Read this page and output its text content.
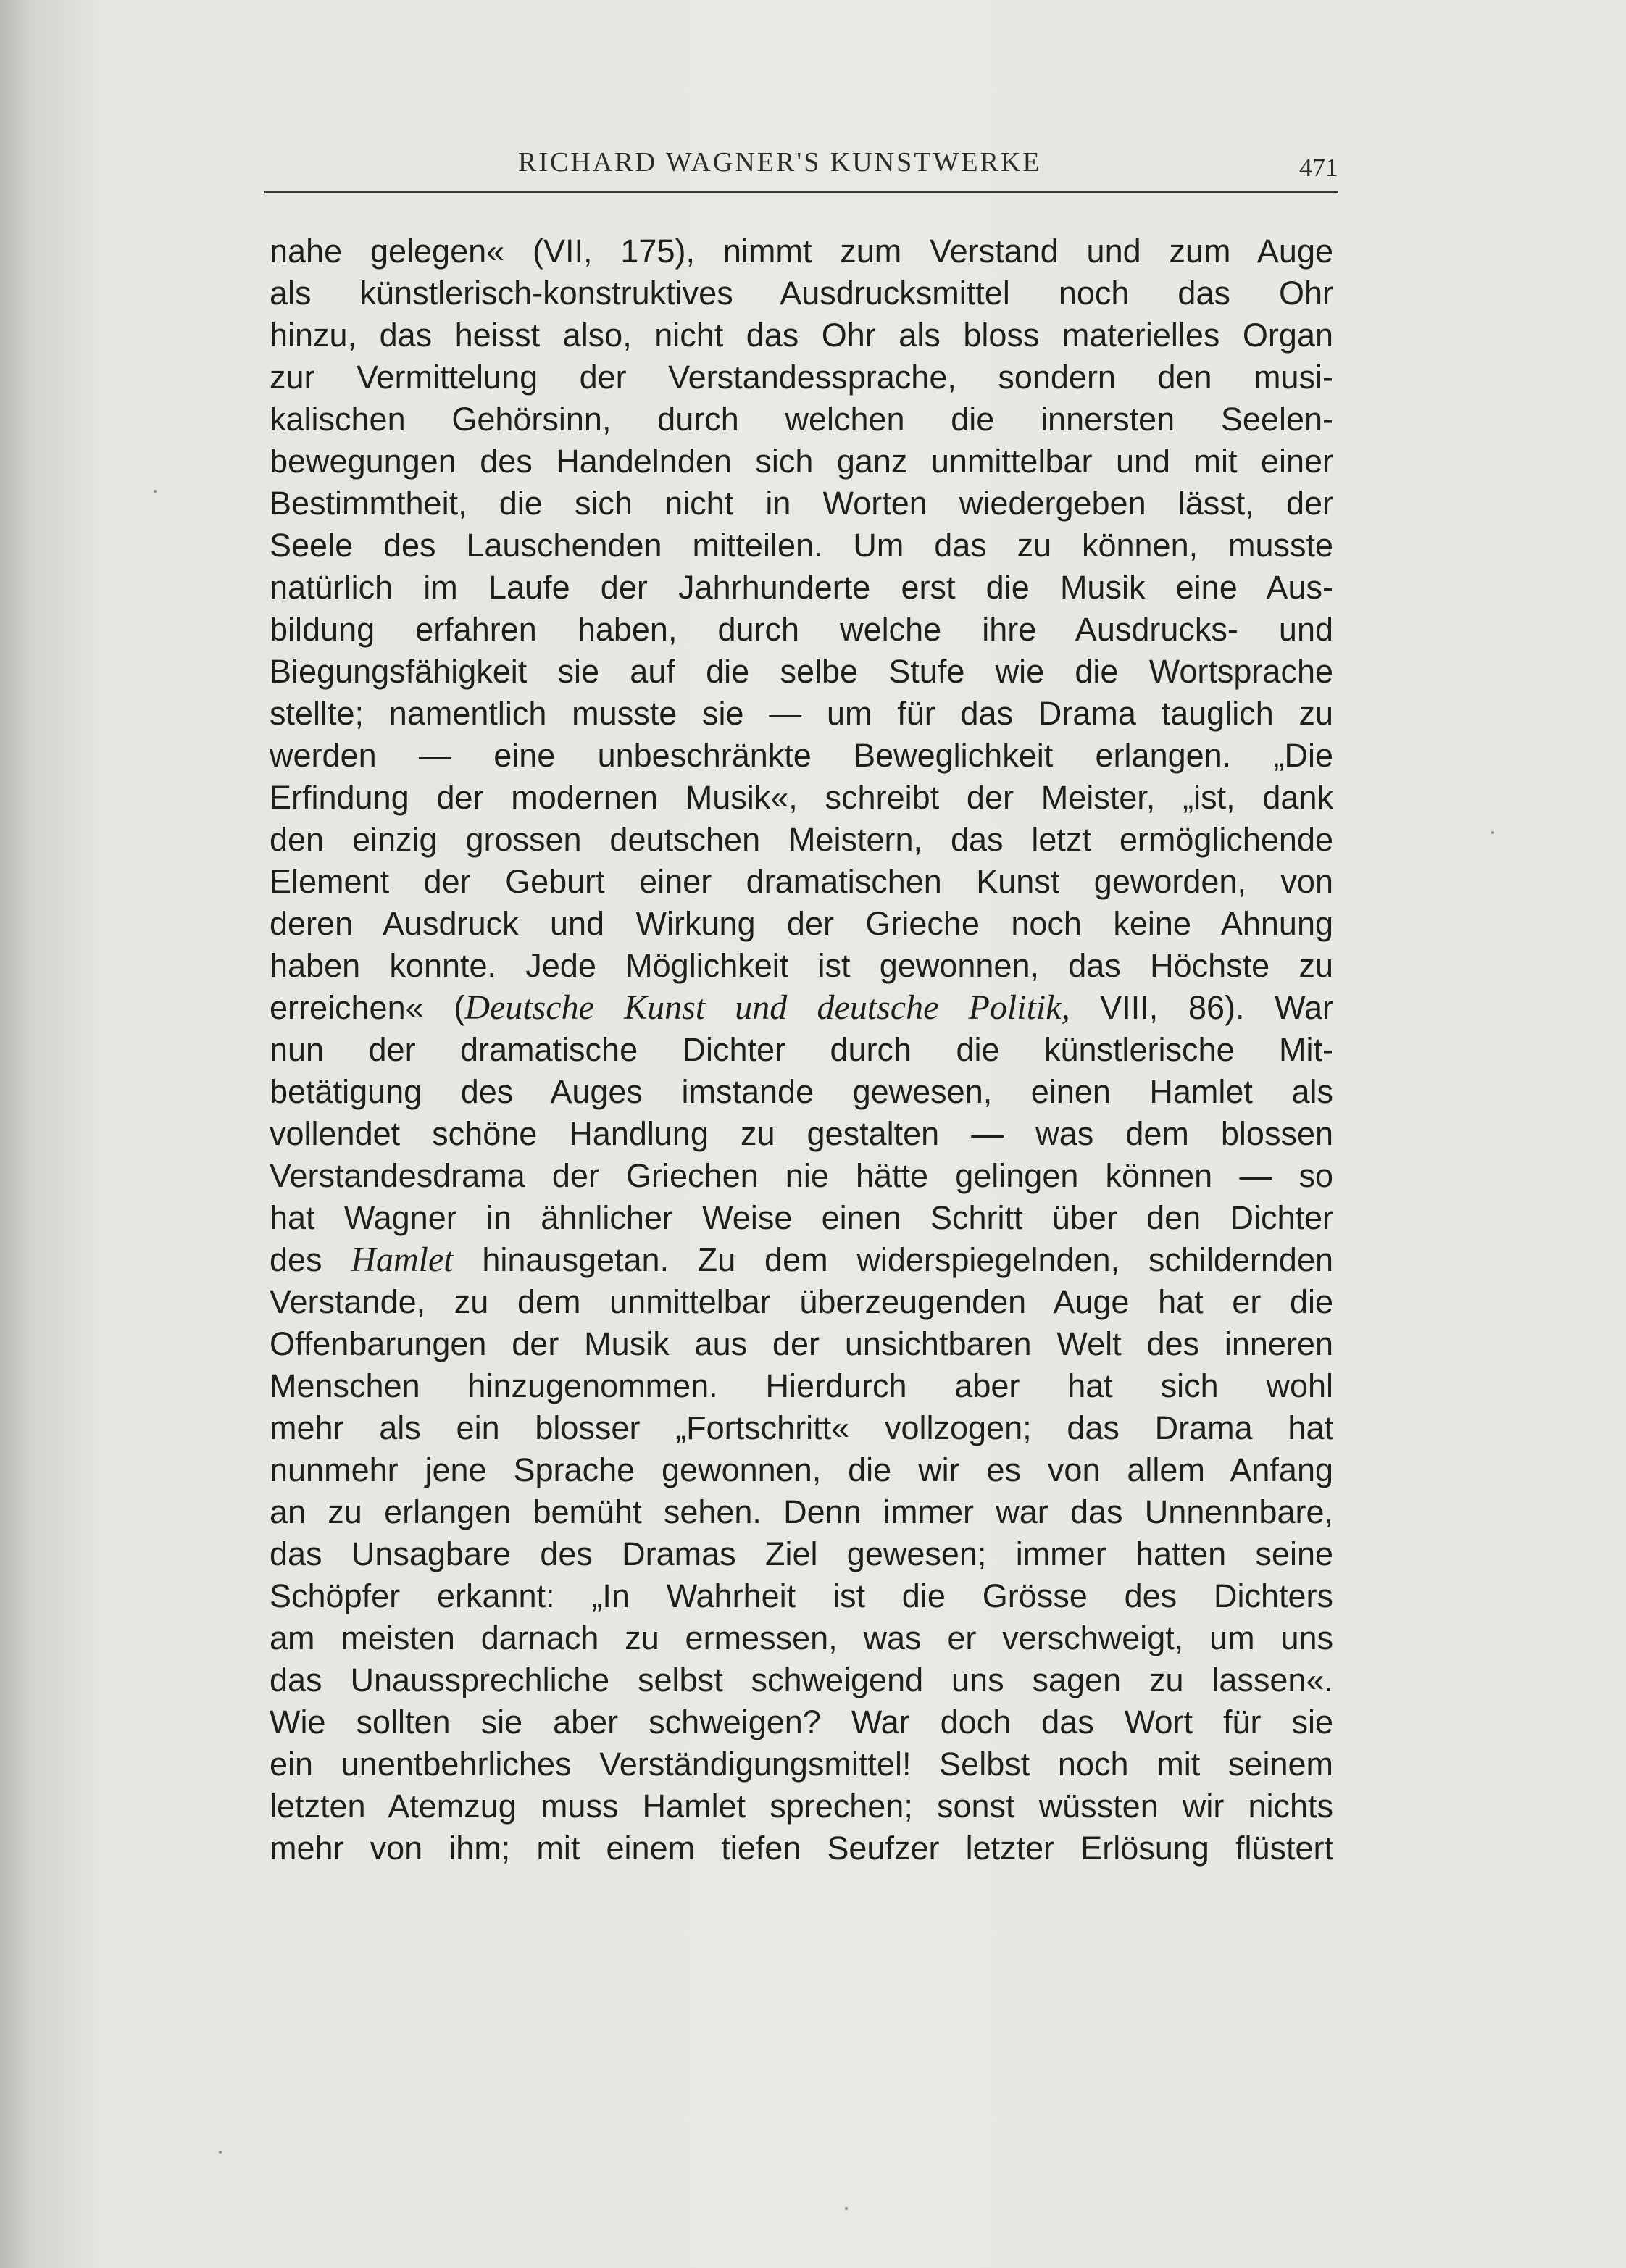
RICHARD WAGNER'S KUNSTWERKE	471
nahe gelegen« (VII, 175), nimmt zum Verstand und zum Auge
als künstlerisch-konstruktives Ausdrucksmittel noch das Ohr
hinzu, das heisst also, nicht das Ohr als bloss materielles Organ
zur Vermittelung der Verstandessprache, sondern den musi-
kalischen Gehörsinn, durch welchen die innersten Seelen-
bewegungen des Handelnden sich ganz unmittelbar und mit einer
Bestimmtheit, die sich nicht in Worten wiedergeben lässt, der
Seele des Lauschenden mitteilen. Um das zu können, musste
natürlich im Laufe der Jahrhunderte erst die Musik eine Aus-
bildung erfahren haben, durch welche ihre Ausdrucks- und
Biegungsfähigkeit sie auf die selbe Stufe wie die Wortsprache
stellte; namentlich musste sie — um für das Drama tauglich zu
werden — eine unbeschränkte Beweglichkeit erlangen. „Die
Erfindung der modernen Musik«, schreibt der Meister, „ist, dank
den einzig grossen deutschen Meistern, das letzt ermöglichende
Element der Geburt einer dramatischen Kunst geworden, von
deren Ausdruck und Wirkung der Grieche noch keine Ahnung
haben konnte. Jede Möglichkeit ist gewonnen, das Höchste zu
erreichen« (Deutsche Kunst und deutsche Politik, VIII, 86). War
nun der dramatische Dichter durch die künstlerische Mit-
betätigung des Auges imstande gewesen, einen Hamlet als
vollendet schöne Handlung zu gestalten — was dem blossen
Verstandesdrama der Griechen nie hätte gelingen können — so
hat Wagner in ähnlicher Weise einen Schritt über den Dichter
des Hamlet hinausgetan. Zu dem widerspiegelnden, schildernden
Verstande, zu dem unmittelbar überzeugenden Auge hat er die
Offenbarungen der Musik aus der unsichtbaren Welt des inneren
Menschen hinzugenommen. Hierdurch aber hat sich wohl
mehr als ein blosser „Fortschritt« vollzogen; das Drama hat
nunmehr jene Sprache gewonnen, die wir es von allem Anfang
an zu erlangen bemüht sehen. Denn immer war das Unnennbare,
das Unsagbare des Dramas Ziel gewesen; immer hatten seine
Schöpfer erkannt: „In Wahrheit ist die Grösse des Dichters
am meisten darnach zu ermessen, was er verschweigt, um uns
das Unaussprechliche selbst schweigend uns sagen zu lassen«.
Wie sollten sie aber schweigen? War doch das Wort für sie
ein unentbehrliches Verständigungsmittel! Selbst noch mit seinem
letzten Atemzug muss Hamlet sprechen; sonst wüssten wir nichts
mehr von ihm; mit einem tiefen Seufzer letzter Erlösung flüstert
